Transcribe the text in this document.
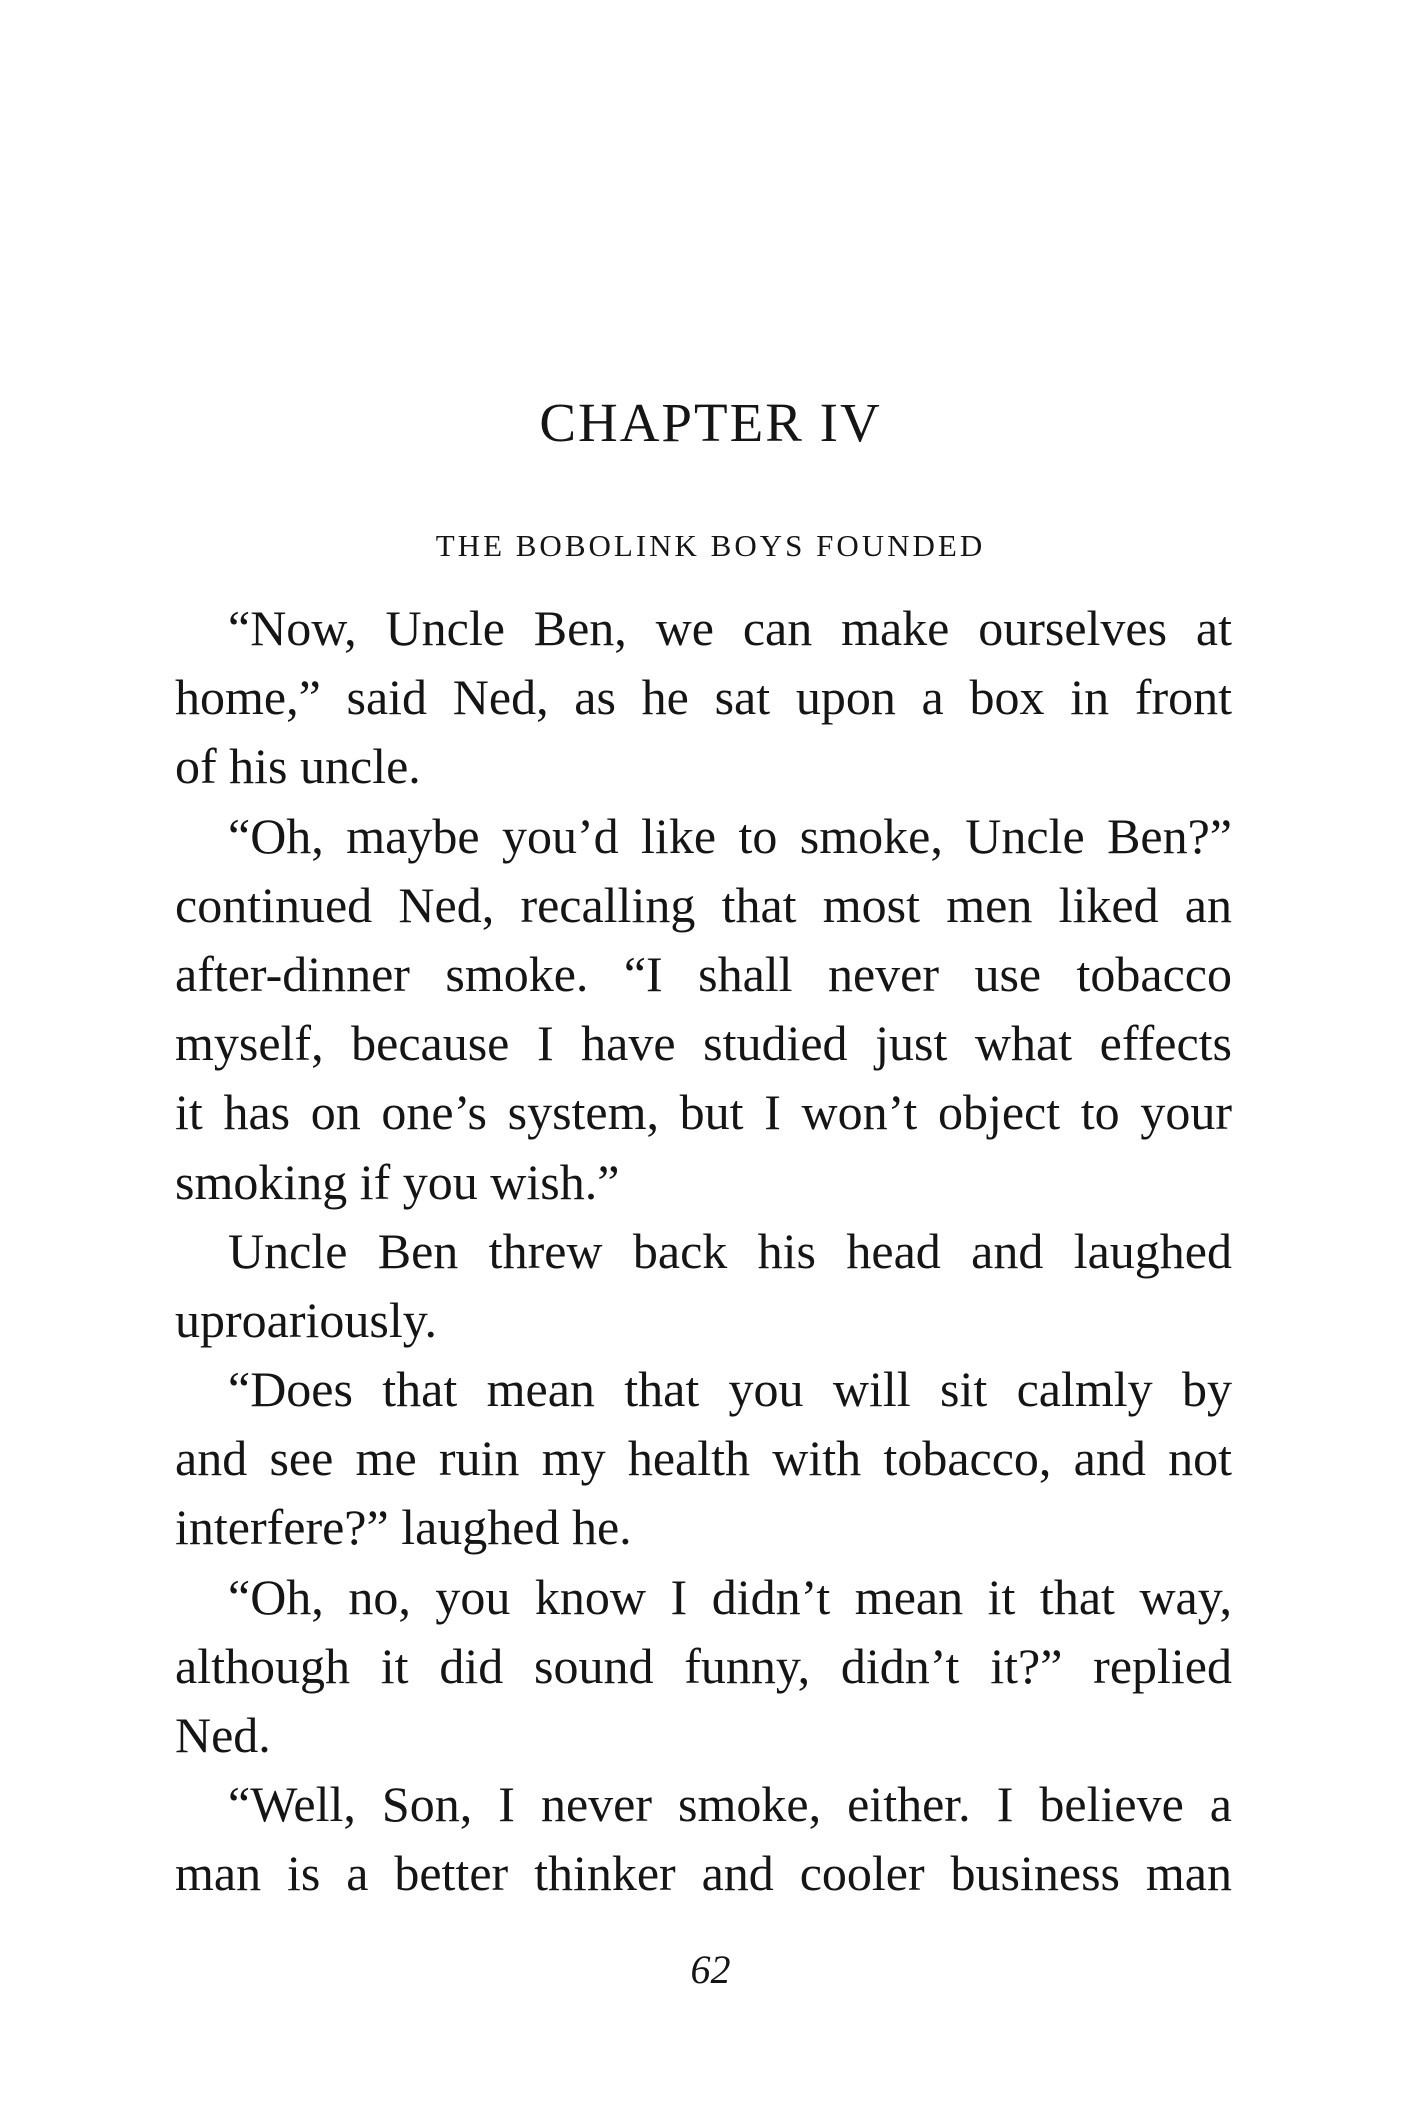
CHAPTER IV
THE BOBOLINK BOYS FOUNDED
“Now, Uncle Ben, we can make ourselves at
home,” said Ned, as he sat upon a box in front
of his uncle.
“Oh, maybe you’d like to smoke, Uncle Ben?”
continued Ned, recalling that most men liked an
after-dinner smoke. “I shall never use tobacco
myself, because I have studied just what effects
it has on one’s system, but I won’t object to your
smoking if you wish.”
Uncle Ben threw back his head and laughed
uproariously.
“Does that mean that you will sit calmly by
and see me ruin my health with tobacco, and not
interfere?” laughed he.
“Oh, no, you know I didn’t mean it that way,
although it did sound funny, didn’t it?” replied
Ned.
“Well, Son, I never smoke, either. I believe a
man is a better thinker and cooler business man
62
